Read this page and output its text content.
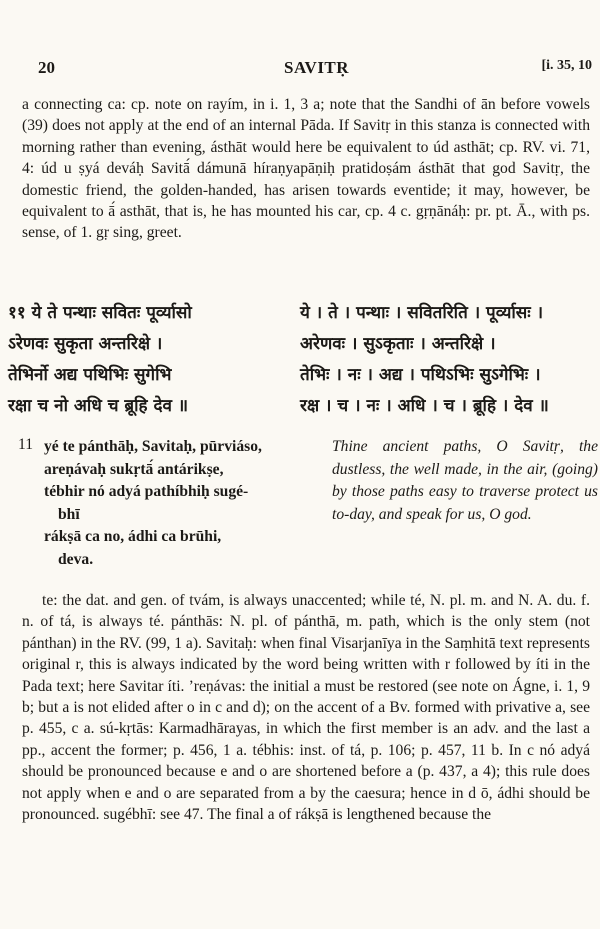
20	SAVITṚ	[i. 35, 10

a connecting ca: cp. note on rayím, in i. 1, 3 a; note that the Sandhi of ān before vowels (39) does not apply at the end of an internal Pāda. If Savitṛ in this stanza is connected with morning rather than evening, ásthāt would here be equivalent to úd asthāt; cp. RV. vi. 71, 4: úd u ṣyá deváḥ Savitā́ dámunā híraṇyapāṇiḥ pratidoṣám ásthāt that god Savitṛ, the domestic friend, the golden-handed, has arisen towards eventide; it may, however, be equivalent to ā́ asthāt, that is, he has mounted his car, cp. 4 c. gṛṇānáḥ: pr. pt. Ā., with ps. sense, of 1. gṛ sing, greet.

११ ये ते पन्थाः सवितः पूर्व्यासो	ये । ते । पन्थाः । सवितरिति । पूर्व्यासः ।
ऽरेणवः सुकृता अन्तरिक्षे ।	अरेणवः । सुऽकृताः । अन्तरिक्षे ।
तेभिर्नो अद्य पथिभिः सुगेभि	तेभिः । नः । अद्य । पथिऽभिः सुऽगेभिः ।
रक्षा च नो अधि च ब्रूहि देव ॥	रक्ष । च । नः । अधि । च । ब्रूहि । देव ॥
11 yé te pánthāḥ, Savitaḥ, pūrviáso,
areṇávaḥ sukṛtā́ antárikṣe,
tébhir nó adyá pathíbhiḥ sugé-
bhī
rákṣā ca no, ádhi ca brūhi,
deva.
Thine ancient paths, O Savitṛ, the dustless, the well made, in the air, (going) by those paths easy to traverse protect us to-day, and speak for us, O god.

te: the dat. and gen. of tvám, is always unaccented; while té, N. pl. m. and N. A. du. f. n. of tá, is always té. pánthās: N. pl. of pánthā, m. path, which is the only stem (not pánthan) in the RV. (99, 1 a). Savitaḥ: when final Visarjanīya in the Saṃhitā text represents original r, this is always indicated by the word being written with r followed by íti in the Pada text; here Savitar íti. ’reṇávas: the initial a must be restored (see note on Ágne, i. 1, 9 b; but a is not elided after o in c and d); on the accent of a Bv. formed with privative a, see p. 455, c a. sú-kṛtās: Karmadhārayas, in which the first member is an adv. and the last a pp., accent the former; p. 456, 1 a. tébhis: inst. of tá, p. 106; p. 457, 11 b. In c nó adyá should be pronounced because e and o are shortened before a (p. 437, a 4); this rule does not apply when e and o are separated from a by the caesura; hence in d ō, ádhi should be pronounced. sugébhī: see 47. The final a of rákṣā is lengthened because the
